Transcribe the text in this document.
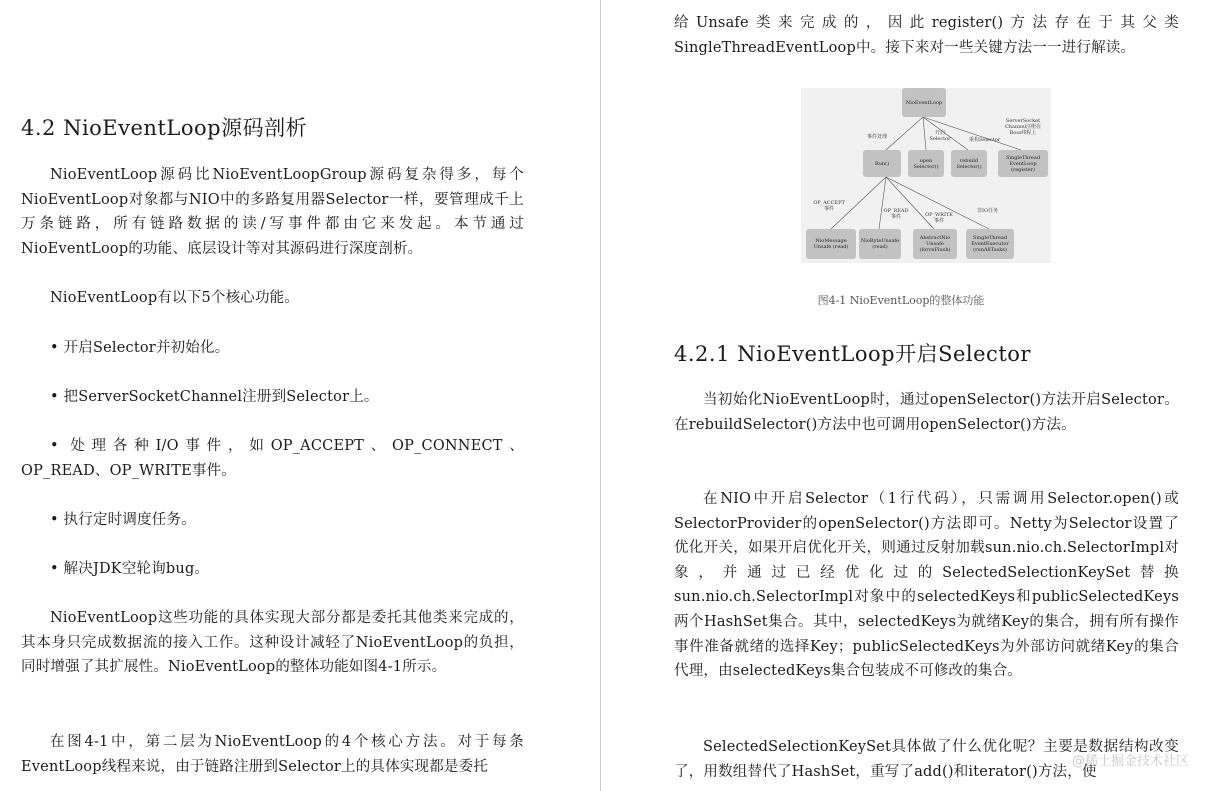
4.2 NioEventLoop源码剖析

NioEventLoop源码比NioEventLoopGroup源码复杂得多，每个NioEventLoop对象都与NIO中的多路复用器Selector一样，要管理成千上万条链路，所有链路数据的读/写事件都由它来发起。本节通过NioEventLoop的功能、底层设计等对其源码进行深度剖析。

NioEventLoop有以下5个核心功能。

• 开启Selector并初始化。

• 把ServerSocketChannel注册到Selector上。

• 处理各种I/O事件，如OP_ACCEPT、OP_CONNECT、OP_READ、OP_WRITE事件。

• 执行定时调度任务。

• 解决JDK空轮询bug。

NioEventLoop这些功能的具体实现大部分都是委托其他类来完成的，其本身只完成数据流的接入工作。这种设计减轻了NioEventLoop的负担，同时增强了其扩展性。NioEventLoop的整体功能如图4-1所示。

在图4-1中，第二层为NioEventLoop的4个核心方法。对于每条EventLoop线程来说，由于链路注册到Selector上的具体实现都是委托

给Unsafe类来完成的，因此register()方法存在于其父类SingleThreadEventLoop中。接下来对一些关键方法一一进行解读。

NioEventLoop
Run()	open Selector()
rebuild Selector()
SingleThread EventLoop (register)
事件处理
开启 Selector	重构Selector
ServerSocket Channel注册在 Boss线程上
NioMessage Unsafe (read)
NioByteUnsafe (read)
AbstractNio Unsafe (forceFlush)
SingleThread EventExecutor (runAllTasks)
OP_ACCEPT 事件	OP_READ 事件	OP_WRITE 事件
非IO任务
图4-1 NioEventLoop的整体功能
4.2.1 NioEventLoop开启Selector

当初始化NioEventLoop时，通过openSelector()方法开启Selector。在rebuildSelector()方法中也可调用openSelector()方法。

在NIO中开启Selector（1行代码），只需调用Selector.open()或SelectorProvider的openSelector()方法即可。Netty为Selector设置了优化开关，如果开启优化开关，则通过反射加载sun.nio.ch.SelectorImpl对象，并通过已经优化过的SelectedSelectionKeySet替换sun.nio.ch.SelectorImpl对象中的selectedKeys和publicSelectedKeys两个HashSet集合。其中，selectedKeys为就绪Key的集合，拥有所有操作事件准备就绪的选择Key；publicSelectedKeys为外部访问就绪Key的集合代理，由selectedKeys集合包装成不可修改的集合。

SelectedSelectionKeySet具体做了什么优化呢？主要是数据结构改变了，用数组替代了HashSet，重写了add()和iterator()方法，使

@稀土掘金技术社区
